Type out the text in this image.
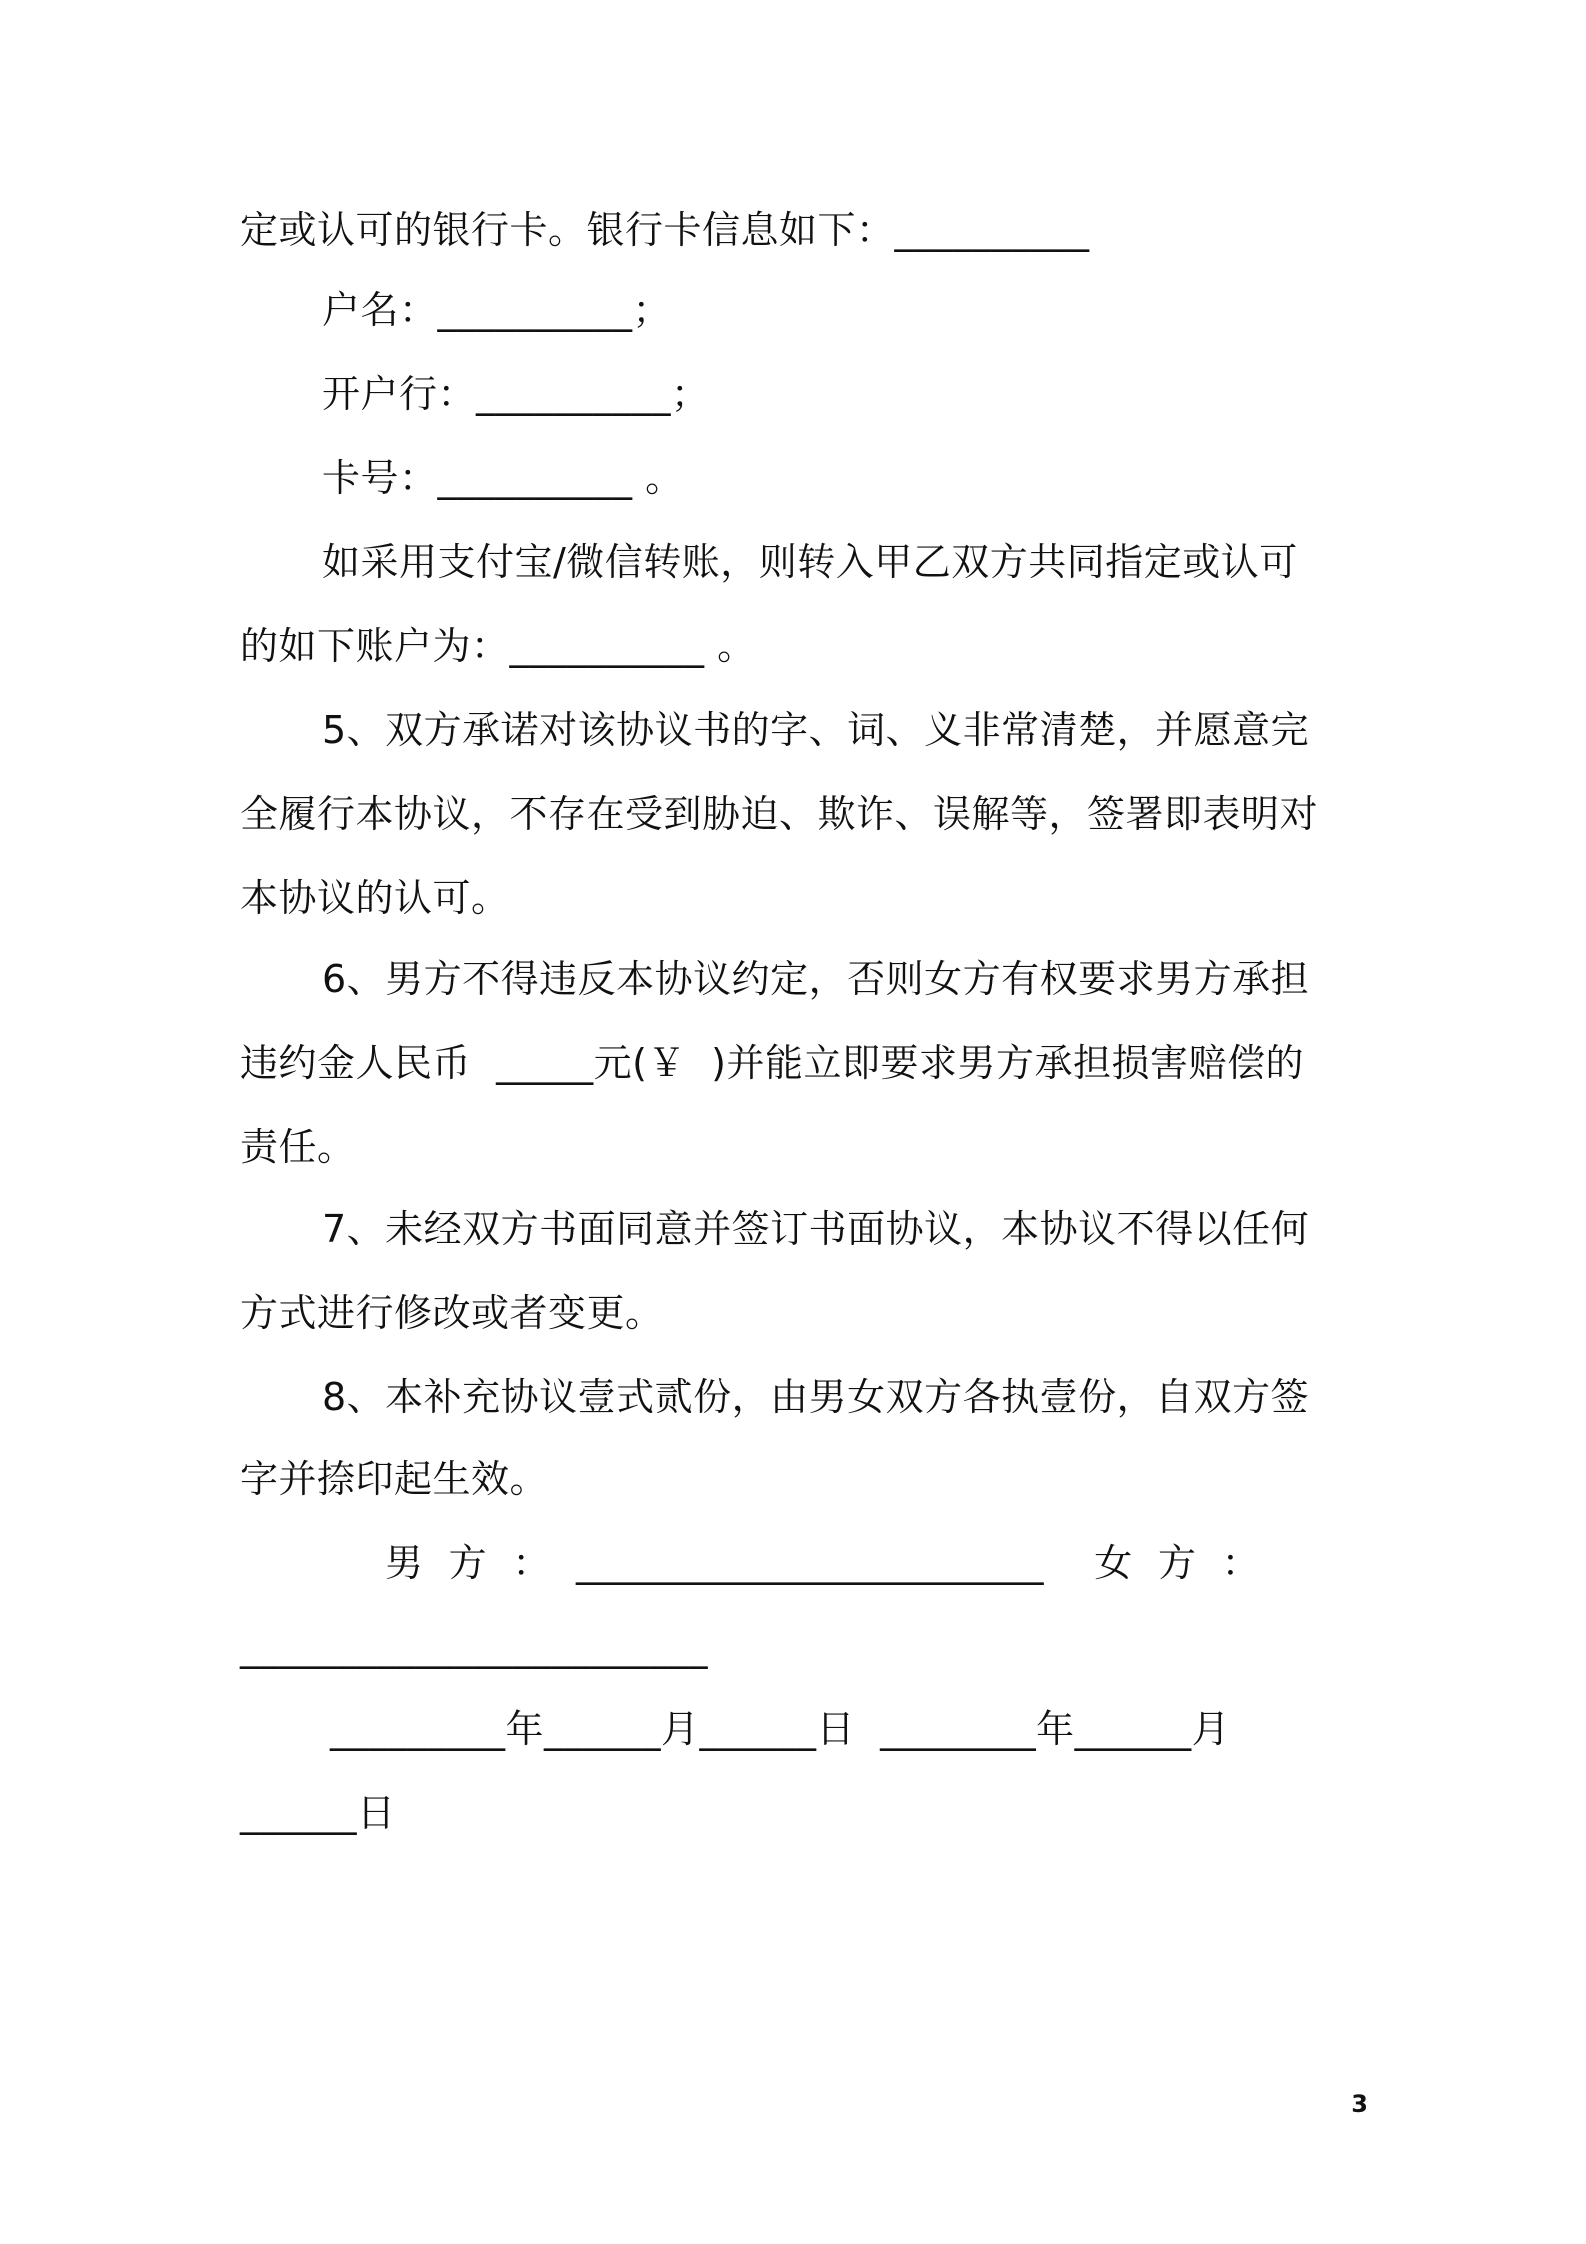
定或认可的银行卡。银行卡信息如下：__________
户名：__________；
开户行：__________；
卡号：__________ 。
如采用支付宝/微信转账，则转入甲乙双方共同指定或认可
的如下账户为：__________ 。
5、双方承诺对该协议书的字、词、义非常清楚，并愿意完
全履行本协议，不存在受到胁迫、欺诈、误解等，签署即表明对
本协议的认可。
6、男方不得违反本协议约定，否则女方有权要求男方承担
违约金人民币  _____元(￥  )并能立即要求男方承担损害赔偿的
责任。
7、未经双方书面同意并签订书面协议，本协议不得以任何
方式进行修改或者变更。
8、本补充协议壹式贰份，由男女双方各执壹份，自双方签
字并捺印起生效。
男  方  ：  ________________________    女  方  ：
________________________
_________年______月______日  ________年______月
______日
3
